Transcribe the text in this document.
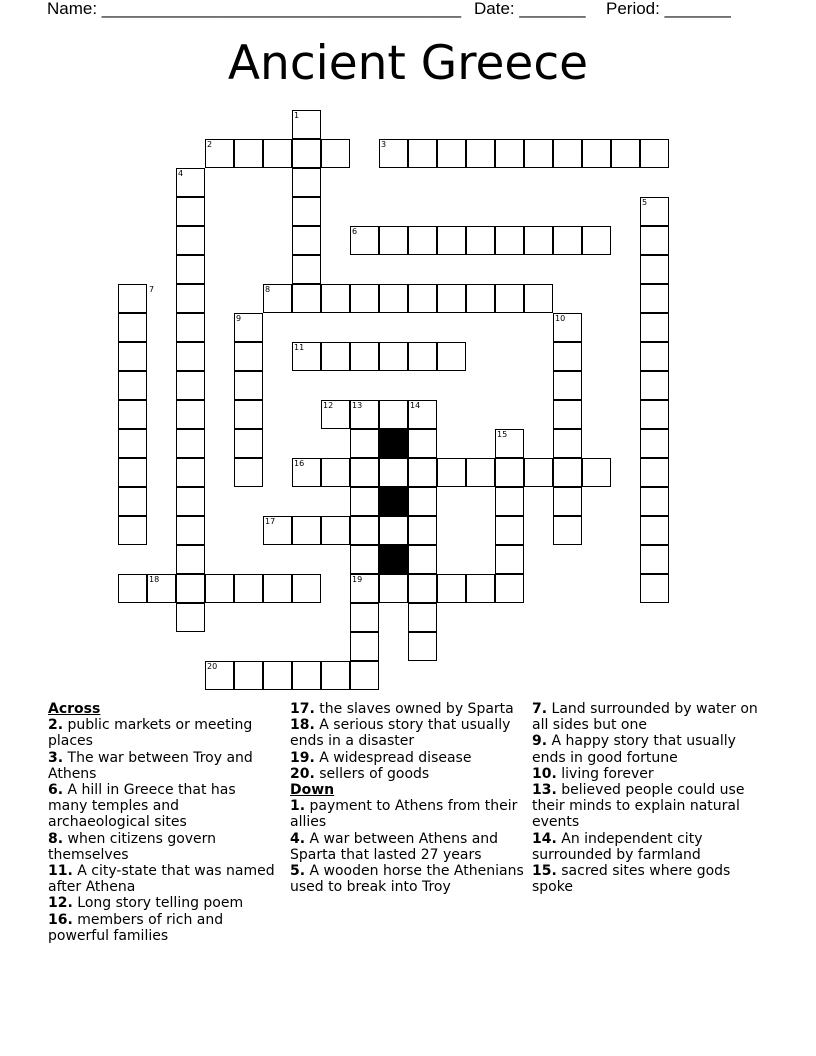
Name: ______________________________________ Date: _______ Period: _______
Ancient Greece
1
2	3
4
5
6
7	8
9	10
11
12 13	14
15
16
17
18	19
20
Across
2. public markets or meeting places
3. The war between Troy and Athens
6. A hill in Greece that has many temples and archaeological sites
8. when citizens govern themselves
11. A city-state that was named after Athena
12. Long story telling poem
16. members of rich and powerful families
17. the slaves owned by Sparta
18. A serious story that usually ends in a disaster
19. A widespread disease
20. sellers of goods
Down
1. payment to Athens from their allies
4. A war between Athens and Sparta that lasted 27 years
5. A wooden horse the Athenians used to break into Troy
7. Land surrounded by water on all sides but one
9. A happy story that usually ends in good fortune
10. living forever
13. believed people could use their minds to explain natural events
14. An independent city surrounded by farmland
15. sacred sites where gods spoke
